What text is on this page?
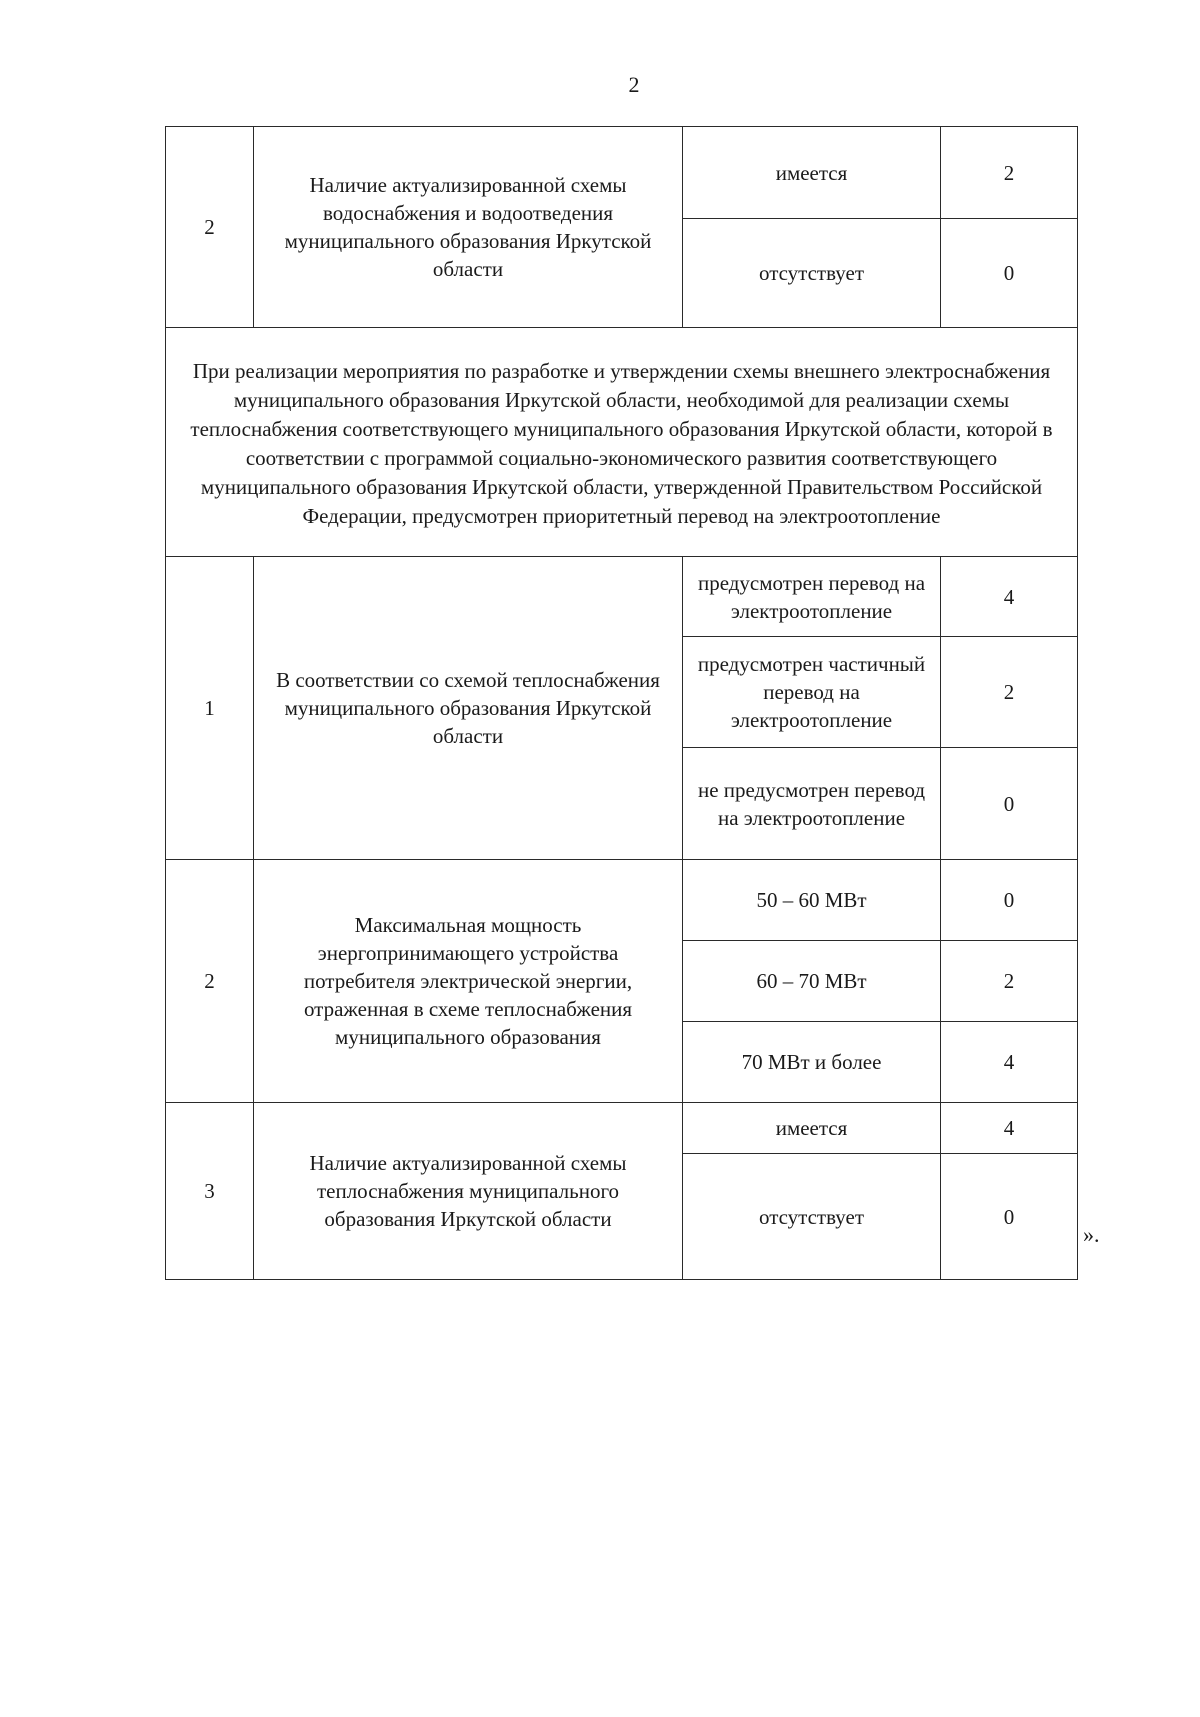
2
2	Наличие актуализированной схемы водоснабжения и водоотведения муниципального образования Иркутской области	имеется	2
		отсутствует	0
При реализации мероприятия по разработке и утверждении схемы внешнего электроснабжения муниципального образования Иркутской области, необходимой для реализации схемы теплоснабжения соответствующего муниципального образования Иркутской области, которой в соответствии с программой социально-экономического развития соответствующего муниципального образования Иркутской области, утвержденной Правительством Российской Федерации, предусмотрен приоритетный перевод на электроотопление			
1	В соответствии со схемой теплоснабжения муниципального образования Иркутской области	предусмотрен перевод на электроотопление	4
		предусмотрен частичный перевод на электроотопление	2
		не предусмотрен перевод на электроотопление	0
2	Максимальная мощность энергопринимающего устройства потребителя электрической энергии, отраженная в схеме теплоснабжения муниципального образования	50 – 60 МВт	0
		60 – 70 МВт	2
		70 МВт и более	4
3	Наличие актуализированной схемы теплоснабжения муниципального образования Иркутской области	имеется	4
		отсутствует	0
».
